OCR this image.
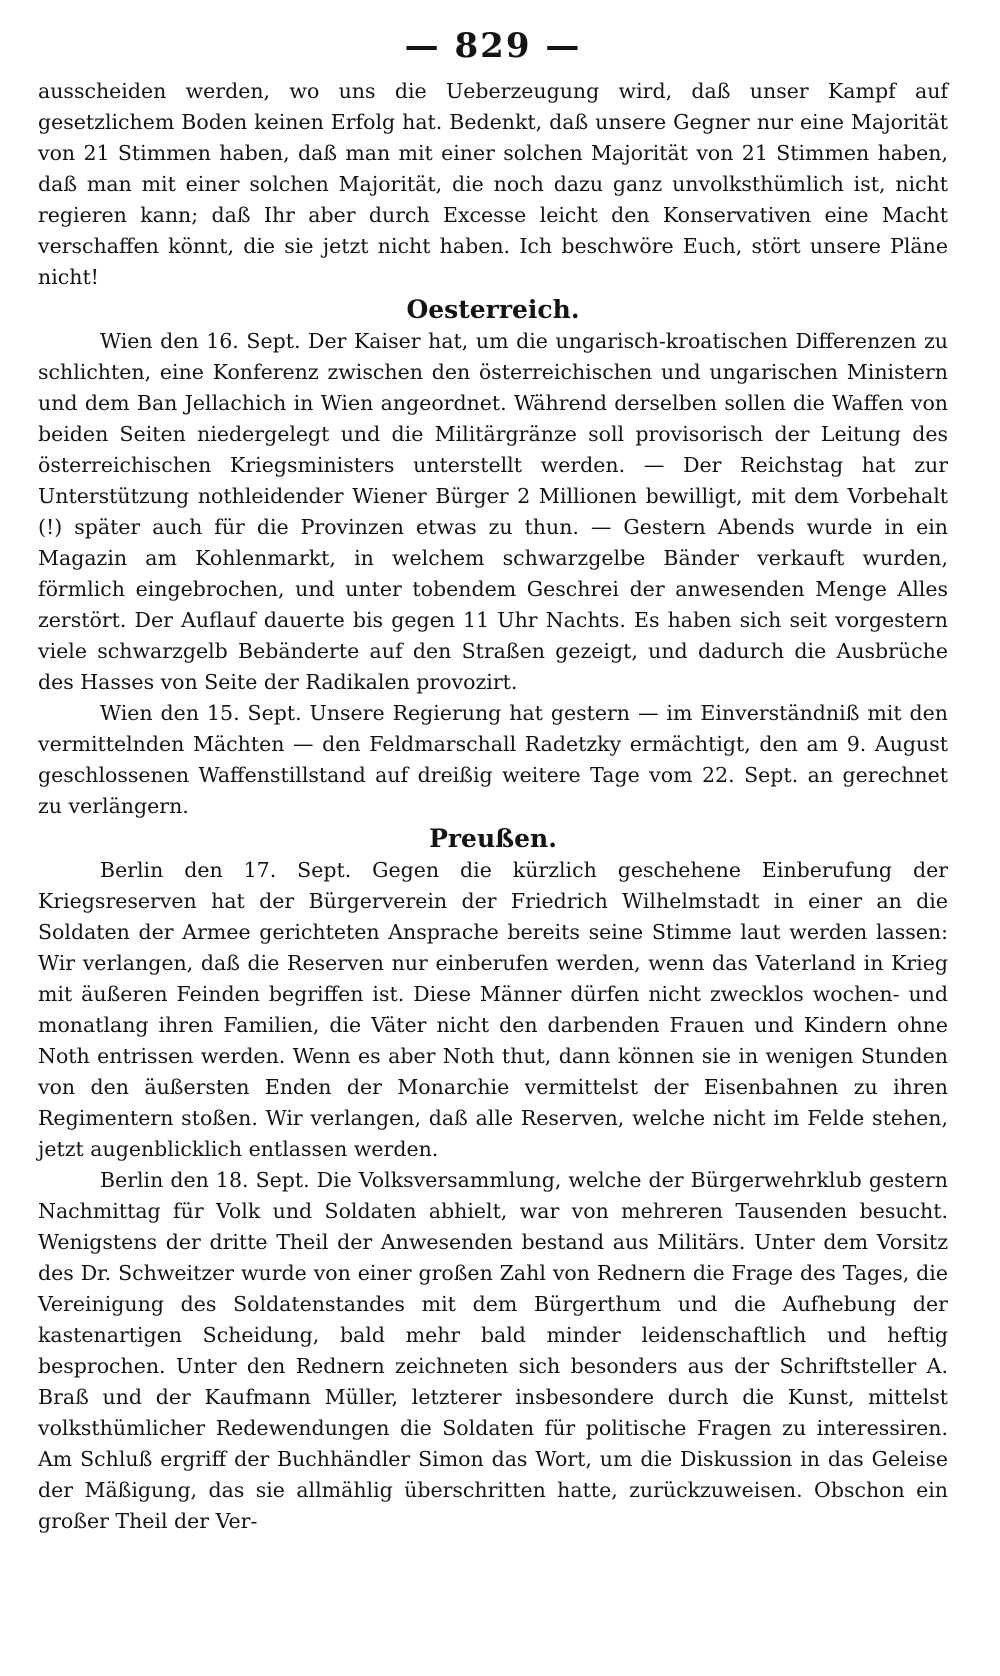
— 829 —

ausscheiden werden, wo uns die Ueberzeugung wird, daß unser Kampf auf gesetzlichem Boden keinen Erfolg hat. Bedenkt, daß unsere Gegner nur eine Majorität von 21 Stimmen haben, daß man mit einer solchen Majorität von 21 Stimmen haben, daß man mit einer solchen Majorität, die noch dazu ganz unvolksthümlich ist, nicht regieren kann; daß Ihr aber durch Excesse leicht den Konservativen eine Macht verschaffen könnt, die sie jetzt nicht haben. Ich beschwöre Euch, stört unsere Pläne nicht!

Oesterreich.

Wien den 16. Sept. Der Kaiser hat, um die ungarisch-kroatischen Differenzen zu schlichten, eine Konferenz zwischen den österreichischen und ungarischen Ministern und dem Ban Jellachich in Wien angeordnet. Während derselben sollen die Waffen von beiden Seiten niedergelegt und die Militärgränze soll provisorisch der Leitung des österreichischen Kriegsministers unterstellt werden. — Der Reichstag hat zur Unterstützung nothleidender Wiener Bürger 2 Millionen bewilligt, mit dem Vorbehalt (!) später auch für die Provinzen etwas zu thun. — Gestern Abends wurde in ein Magazin am Kohlenmarkt, in welchem schwarzgelbe Bänder verkauft wurden, förmlich eingebrochen, und unter tobendem Geschrei der anwesenden Menge Alles zerstört. Der Auflauf dauerte bis gegen 11 Uhr Nachts. Es haben sich seit vorgestern viele schwarzgelb Bebänderte auf den Straßen gezeigt, und dadurch die Ausbrüche des Hasses von Seite der Radikalen provozirt.

Wien den 15. Sept. Unsere Regierung hat gestern — im Einverständniß mit den vermittelnden Mächten — den Feldmarschall Radetzky ermächtigt, den am 9. August geschlossenen Waffenstillstand auf dreißig weitere Tage vom 22. Sept. an gerechnet zu verlängern.

Preußen.

Berlin den 17. Sept. Gegen die kürzlich geschehene Einberufung der Kriegsreserven hat der Bürgerverein der Friedrich Wilhelmstadt in einer an die Soldaten der Armee gerichteten Ansprache bereits seine Stimme laut werden lassen: Wir verlangen, daß die Reserven nur einberufen werden, wenn das Vaterland in Krieg mit äußeren Feinden begriffen ist. Diese Männer dürfen nicht zwecklos wochen- und monatlang ihren Familien, die Väter nicht den darbenden Frauen und Kindern ohne Noth entrissen werden. Wenn es aber Noth thut, dann können sie in wenigen Stunden von den äußersten Enden der Monarchie vermittelst der Eisenbahnen zu ihren Regimentern stoßen. Wir verlangen, daß alle Reserven, welche nicht im Felde stehen, jetzt augenblicklich entlassen werden.

Berlin den 18. Sept. Die Volksversammlung, welche der Bürgerwehrklub gestern Nachmittag für Volk und Soldaten abhielt, war von mehreren Tausenden besucht. Wenigstens der dritte Theil der Anwesenden bestand aus Militärs. Unter dem Vorsitz des Dr. Schweitzer wurde von einer großen Zahl von Rednern die Frage des Tages, die Vereinigung des Soldatenstandes mit dem Bürgerthum und die Aufhebung der kastenartigen Scheidung, bald mehr bald minder leidenschaftlich und heftig besprochen. Unter den Rednern zeichneten sich besonders aus der Schriftsteller A. Braß und der Kaufmann Müller, letzterer insbesondere durch die Kunst, mittelst volksthümlicher Redewendungen die Soldaten für politische Fragen zu interessiren. Am Schluß ergriff der Buchhändler Simon das Wort, um die Diskussion in das Geleise der Mäßigung, das sie allmählig überschritten hatte, zurückzuweisen. Obschon ein großer Theil der Ver-
